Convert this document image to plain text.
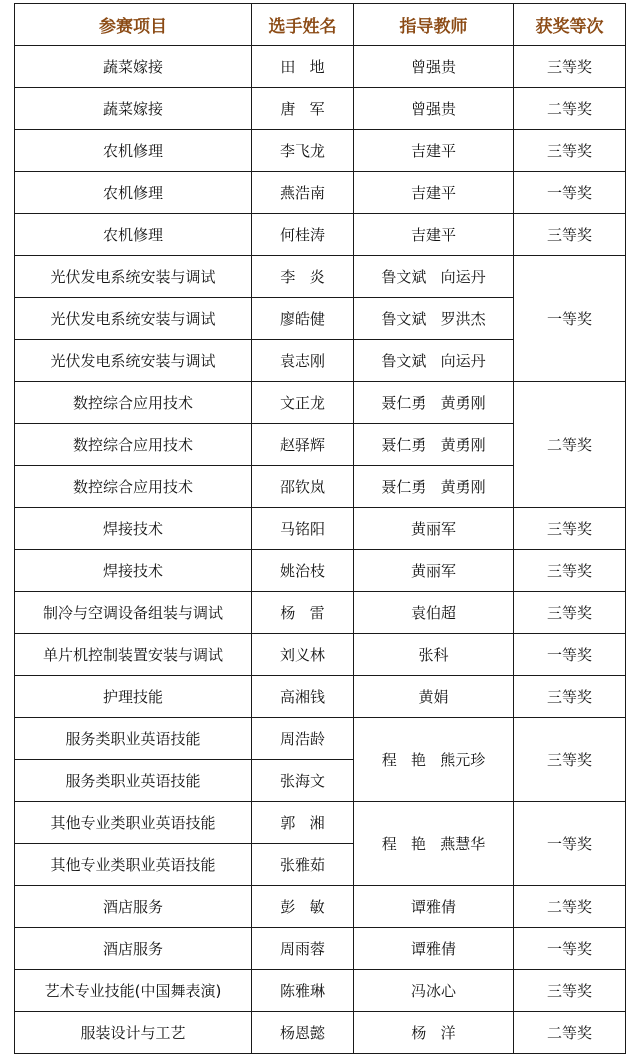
参赛项目	选手姓名	指导教师	获奖等次
蔬菜嫁接	田   地	曾强贵	三等奖
蔬菜嫁接	唐   军	曾强贵	二等奖
农机修理	李飞龙	吉建平	三等奖
农机修理	燕浩南	吉建平	一等奖
农机修理	何桂涛	吉建平	三等奖
光伏发电系统安装与调试	李   炎	鲁文斌   向运丹	一等奖
光伏发电系统安装与调试	廖皓健	鲁文斌   罗洪杰	
光伏发电系统安装与调试	袁志刚	鲁文斌   向运丹	
数控综合应用技术	文正龙	聂仁勇   黄勇刚	二等奖
数控综合应用技术	赵驿辉	聂仁勇   黄勇刚	
数控综合应用技术	邵钦岚	聂仁勇   黄勇刚	
焊接技术	马铭阳	黄丽军	三等奖
焊接技术	姚治枝	黄丽军	三等奖
制冷与空调设备组装与调试	杨   雷	袁伯超	三等奖
单片机控制装置安装与调试	刘义林	张科	一等奖
护理技能	高湘钱	黄娟	三等奖
服务类职业英语技能	周浩龄	程   艳   熊元珍	三等奖
服务类职业英语技能	张海文		
其他专业类职业英语技能	郭   湘	程   艳   燕慧华	一等奖
其他专业类职业英语技能	张雅茹		
酒店服务	彭   敏	谭雅倩	二等奖
酒店服务	周雨蓉	谭雅倩	一等奖
艺术专业技能(中国舞表演)	陈雅琳	冯冰心	三等奖
服装设计与工艺	杨恩懿	杨   洋	二等奖
